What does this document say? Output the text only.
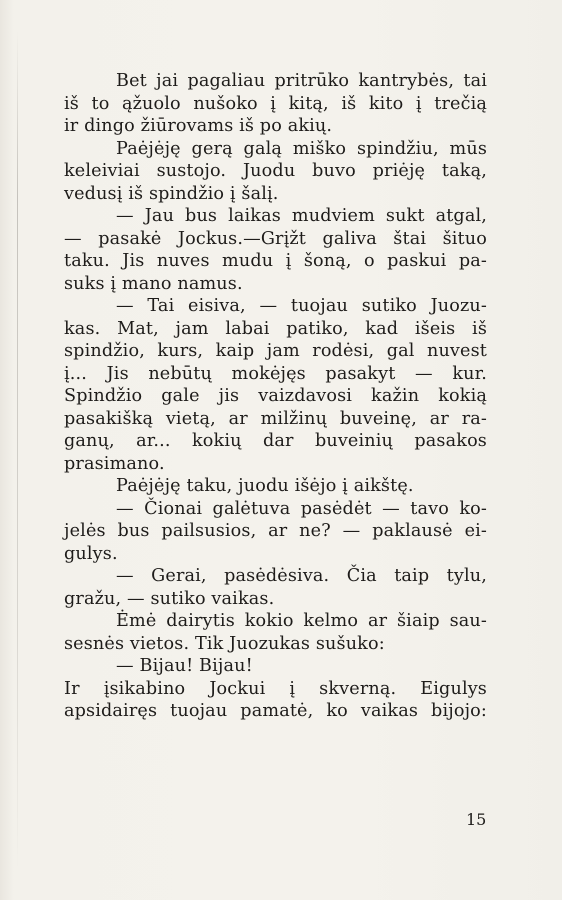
Bet jai pagaliau pritrūko kantrybės, tai
iš to ąžuolo nušoko į kitą, iš kito į trečią
ir dingo žiūrovams iš po akių.
Paėjėję gerą galą miško spindžiu, mūs
keleiviai sustojo. Juodu buvo priėję taką,
vedusį iš spindžio į šalį.
— Jau bus laikas mudviem sukt atgal,
— pasakė Jockus.—Grįžt galiva štai šituo
taku. Jis nuves mudu į šoną, o paskui pa-
suks į mano namus.
— Tai eisiva, — tuojau sutiko Juozu-
kas. Mat, jam labai patiko, kad išeis iš
spindžio, kurs, kaip jam rodėsi, gal nuvest
į... Jis nebūtų mokėjęs pasakyt — kur.
Spindžio gale jis vaizdavosi kažin kokią
pasakišką vietą, ar milžinų buveinę, ar ra-
ganų, ar... kokių dar buveinių pasakos
prasimano.
Paėjėję taku, juodu išėjo į aikštę.
— Čionai galėtuva pasėdėt — tavo ko-
jelės bus pailsusios, ar ne? — paklausė ei-
gulys.
— Gerai, pasėdėsiva. Čia taip tylu,
gražu, — sutiko vaikas.
Ėmė dairytis kokio kelmo ar šiaip sau-
sesnės vietos. Tik Juozukas sušuko:
— Bijau! Bijau!
Ir įsikabino Jockui į skverną. Eigulys
apsidairęs tuojau pamatė, ko vaikas bijojo:
15
